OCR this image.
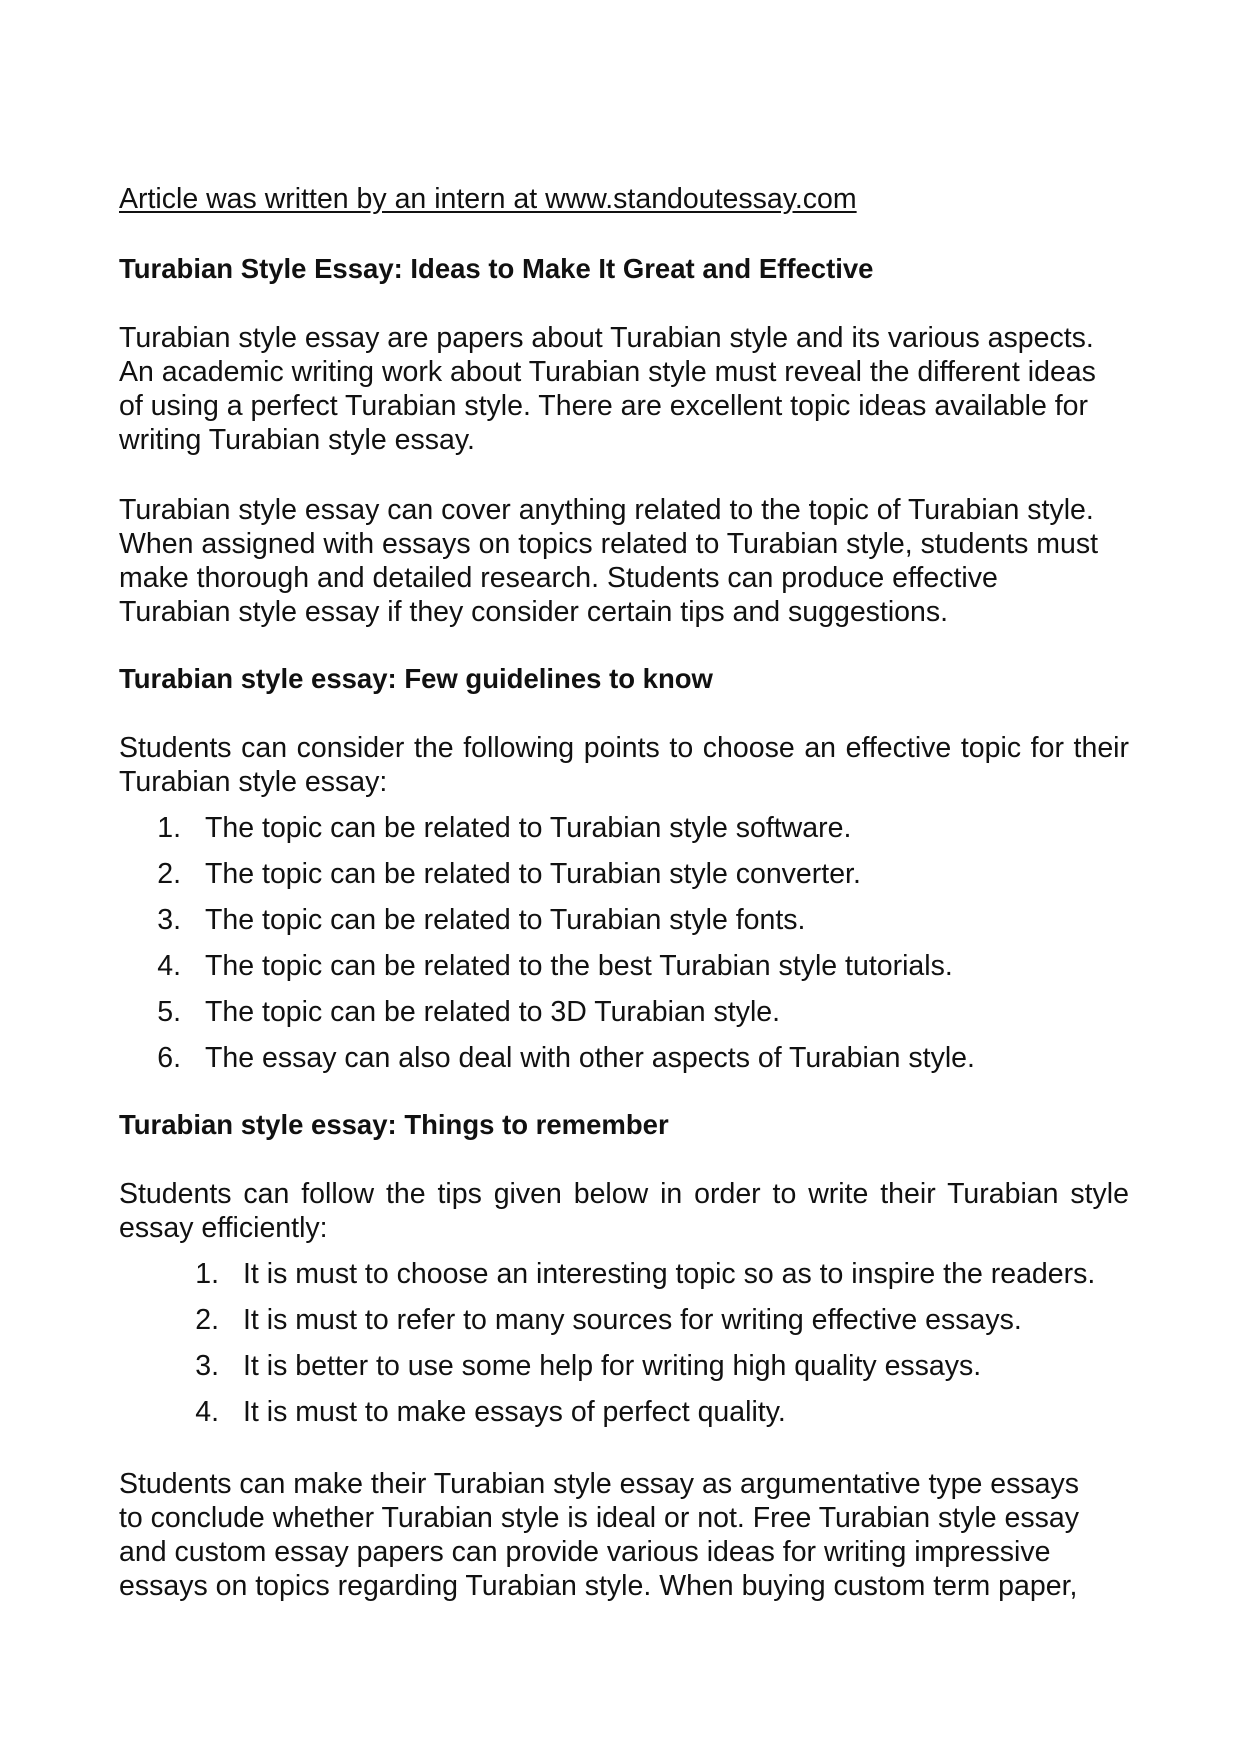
Article was written by an intern at www.standoutessay.com

Turabian Style Essay: Ideas to Make It Great and Effective

Turabian style essay are papers about Turabian style and its various aspects. An academic writing work about Turabian style must reveal the different ideas of using a perfect Turabian style. There are excellent topic ideas available for writing Turabian style essay.

Turabian style essay can cover anything related to the topic of Turabian style. When assigned with essays on topics related to Turabian style, students must make thorough and detailed research. Students can produce effective Turabian style essay if they consider certain tips and suggestions.

Turabian style essay: Few guidelines to know

Students can consider the following points to choose an effective topic for their Turabian style essay:

1. The topic can be related to Turabian style software.
2. The topic can be related to Turabian style converter.
3. The topic can be related to Turabian style fonts.
4. The topic can be related to the best Turabian style tutorials.
5. The topic can be related to 3D Turabian style.
6. The essay can also deal with other aspects of Turabian style.
Turabian style essay: Things to remember

Students can follow the tips given below in order to write their Turabian style essay efficiently:

1. It is must to choose an interesting topic so as to inspire the readers.
2. It is must to refer to many sources for writing effective essays.
3. It is better to use some help for writing high quality essays.
4. It is must to make essays of perfect quality.

Students can make their Turabian style essay as argumentative type essays to conclude whether Turabian style is ideal or not. Free Turabian style essay and custom essay papers can provide various ideas for writing impressive essays on topics regarding Turabian style. When buying custom term paper,
